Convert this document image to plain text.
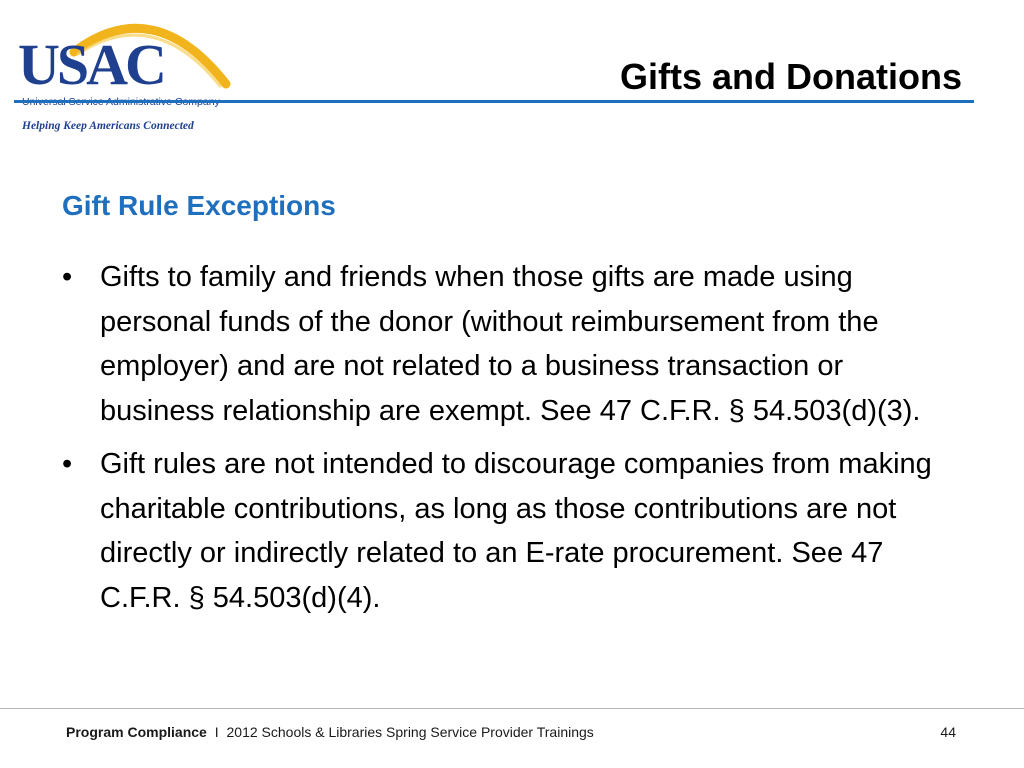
USAC
Helping Keep Americans Connected
Gifts and Donations
Gift Rule Exceptions
• Gifts to family and friends when those gifts are made using personal funds of the donor (without reimbursement from the employer) and are not related to a business transaction or business relationship are exempt. See 47 C.F.R. § 54.503(d)(3).
• Gift rules are not intended to discourage companies from making charitable contributions, as long as those contributions are not directly or indirectly related to an E-rate procurement. See 47 C.F.R. § 54.503(d)(4).
Program Compliance I 2012 Schools & Libraries Spring Service Provider Trainings	44
